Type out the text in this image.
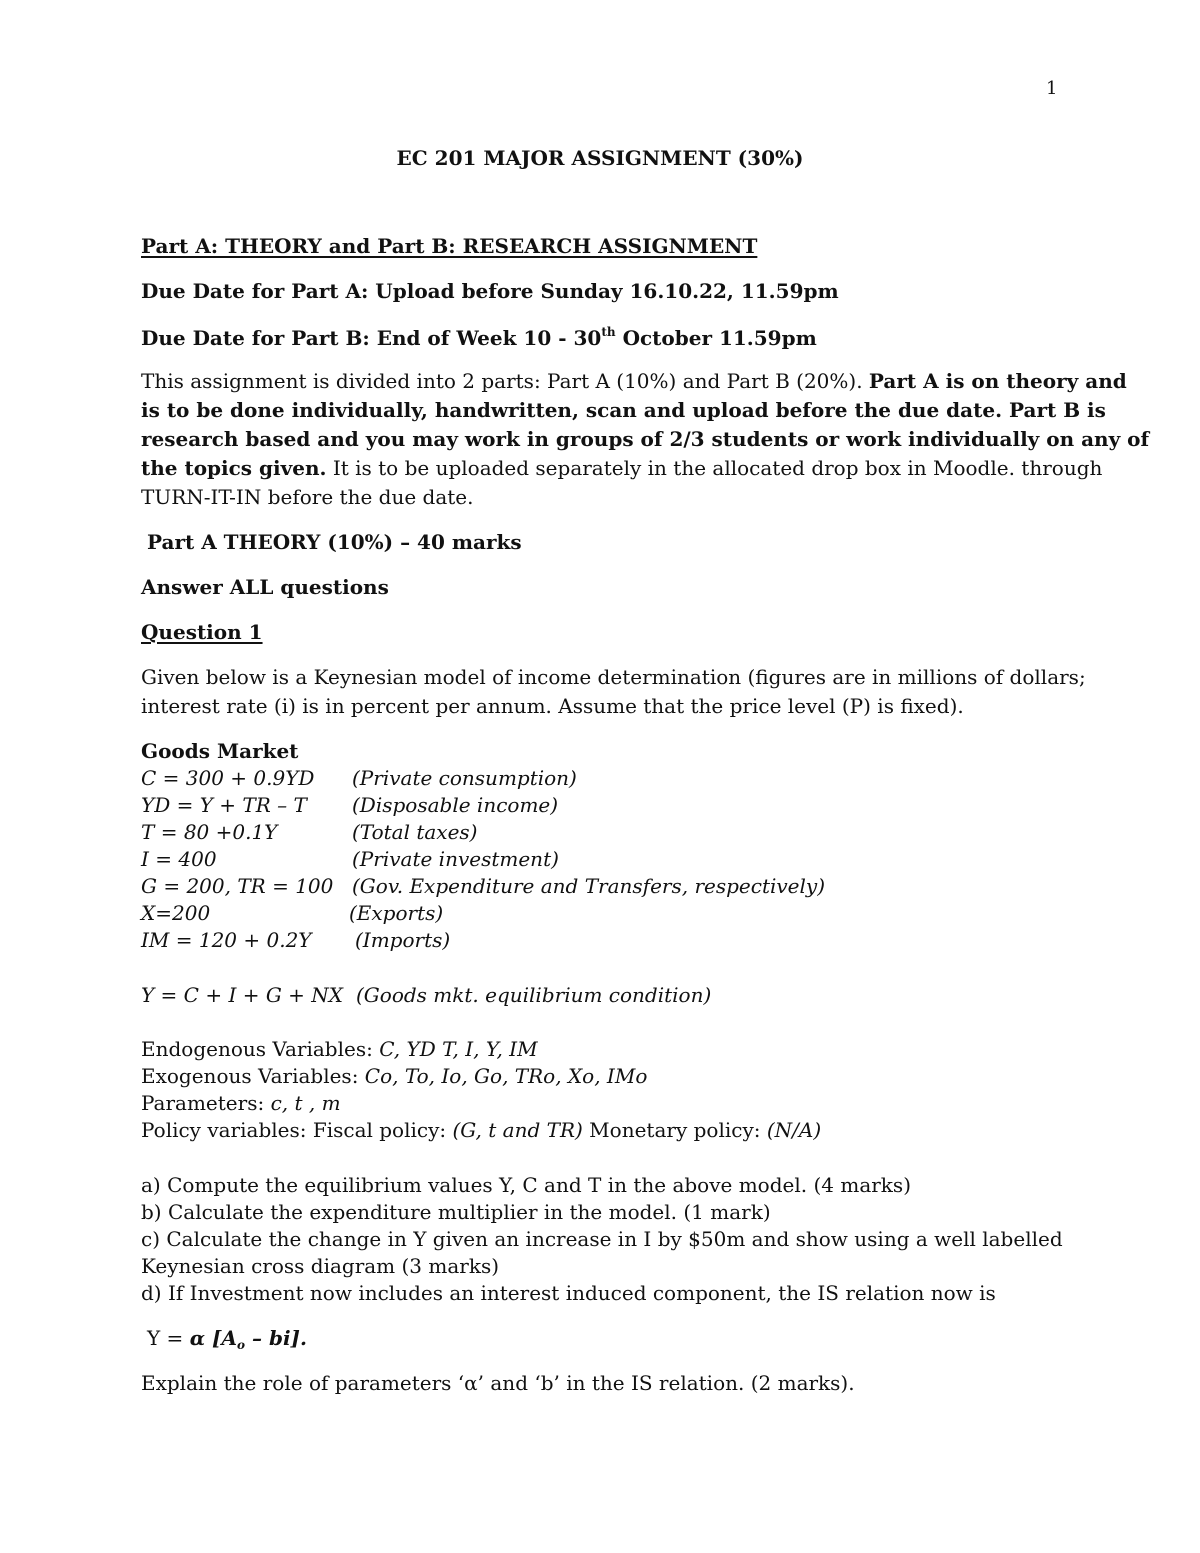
1
EC 201 MAJOR ASSIGNMENT (30%)
Part A: THEORY and Part B: RESEARCH ASSIGNMENT
Due Date for Part A: Upload before Sunday 16.10.22, 11.59pm
Due Date for Part B: End of Week 10 - 30th October 11.59pm
This assignment is divided into 2 parts: Part A (10%) and Part B (20%). Part A is on theory and
is to be done individually, handwritten, scan and upload before the due date. Part B is
research based and you may work in groups of 2/3 students or work individually on any of
the topics given. It is to be uploaded separately in the allocated drop box in Moodle. through
TURN-IT-IN before the due date.
Part A THEORY (10%) – 40 marks
Answer ALL questions
Question 1
Given below is a Keynesian model of income determination (figures are in millions of dollars;
interest rate (i) is in percent per annum. Assume that the price level (P) is fixed).
Goods Market
C = 300 + 0.9YD (Private consumption)
YD = Y + TR – T (Disposable income)
T = 80 +0.1Y	(Total taxes)
I = 400	(Private investment)
G = 200, TR = 100 (Gov. Expenditure and Transfers, respectively)
X=200	(Exports)
IM = 120 + 0.2Y (Imports)
Y = C + I + G + NX (Goods mkt. equilibrium condition)
Endogenous Variables: C, YD T, I, Y, IM
Exogenous Variables: Co, To, Io, Go, TRo, Xo, IMo
Parameters: c, t , m
Policy variables: Fiscal policy: (G, t and TR) Monetary policy: (N/A)
a) Compute the equilibrium values Y, C and T in the above model. (4 marks)
b) Calculate the expenditure multiplier in the model. (1 mark)
c) Calculate the change in Y given an increase in I by $50m and show using a well labelled
Keynesian cross diagram (3 marks)
d) If Investment now includes an interest induced component, the IS relation now is
Y = α $[A_o - bi]$.
Explain the role of parameters ‘α’ and ‘b’ in the IS relation. (2 marks).
